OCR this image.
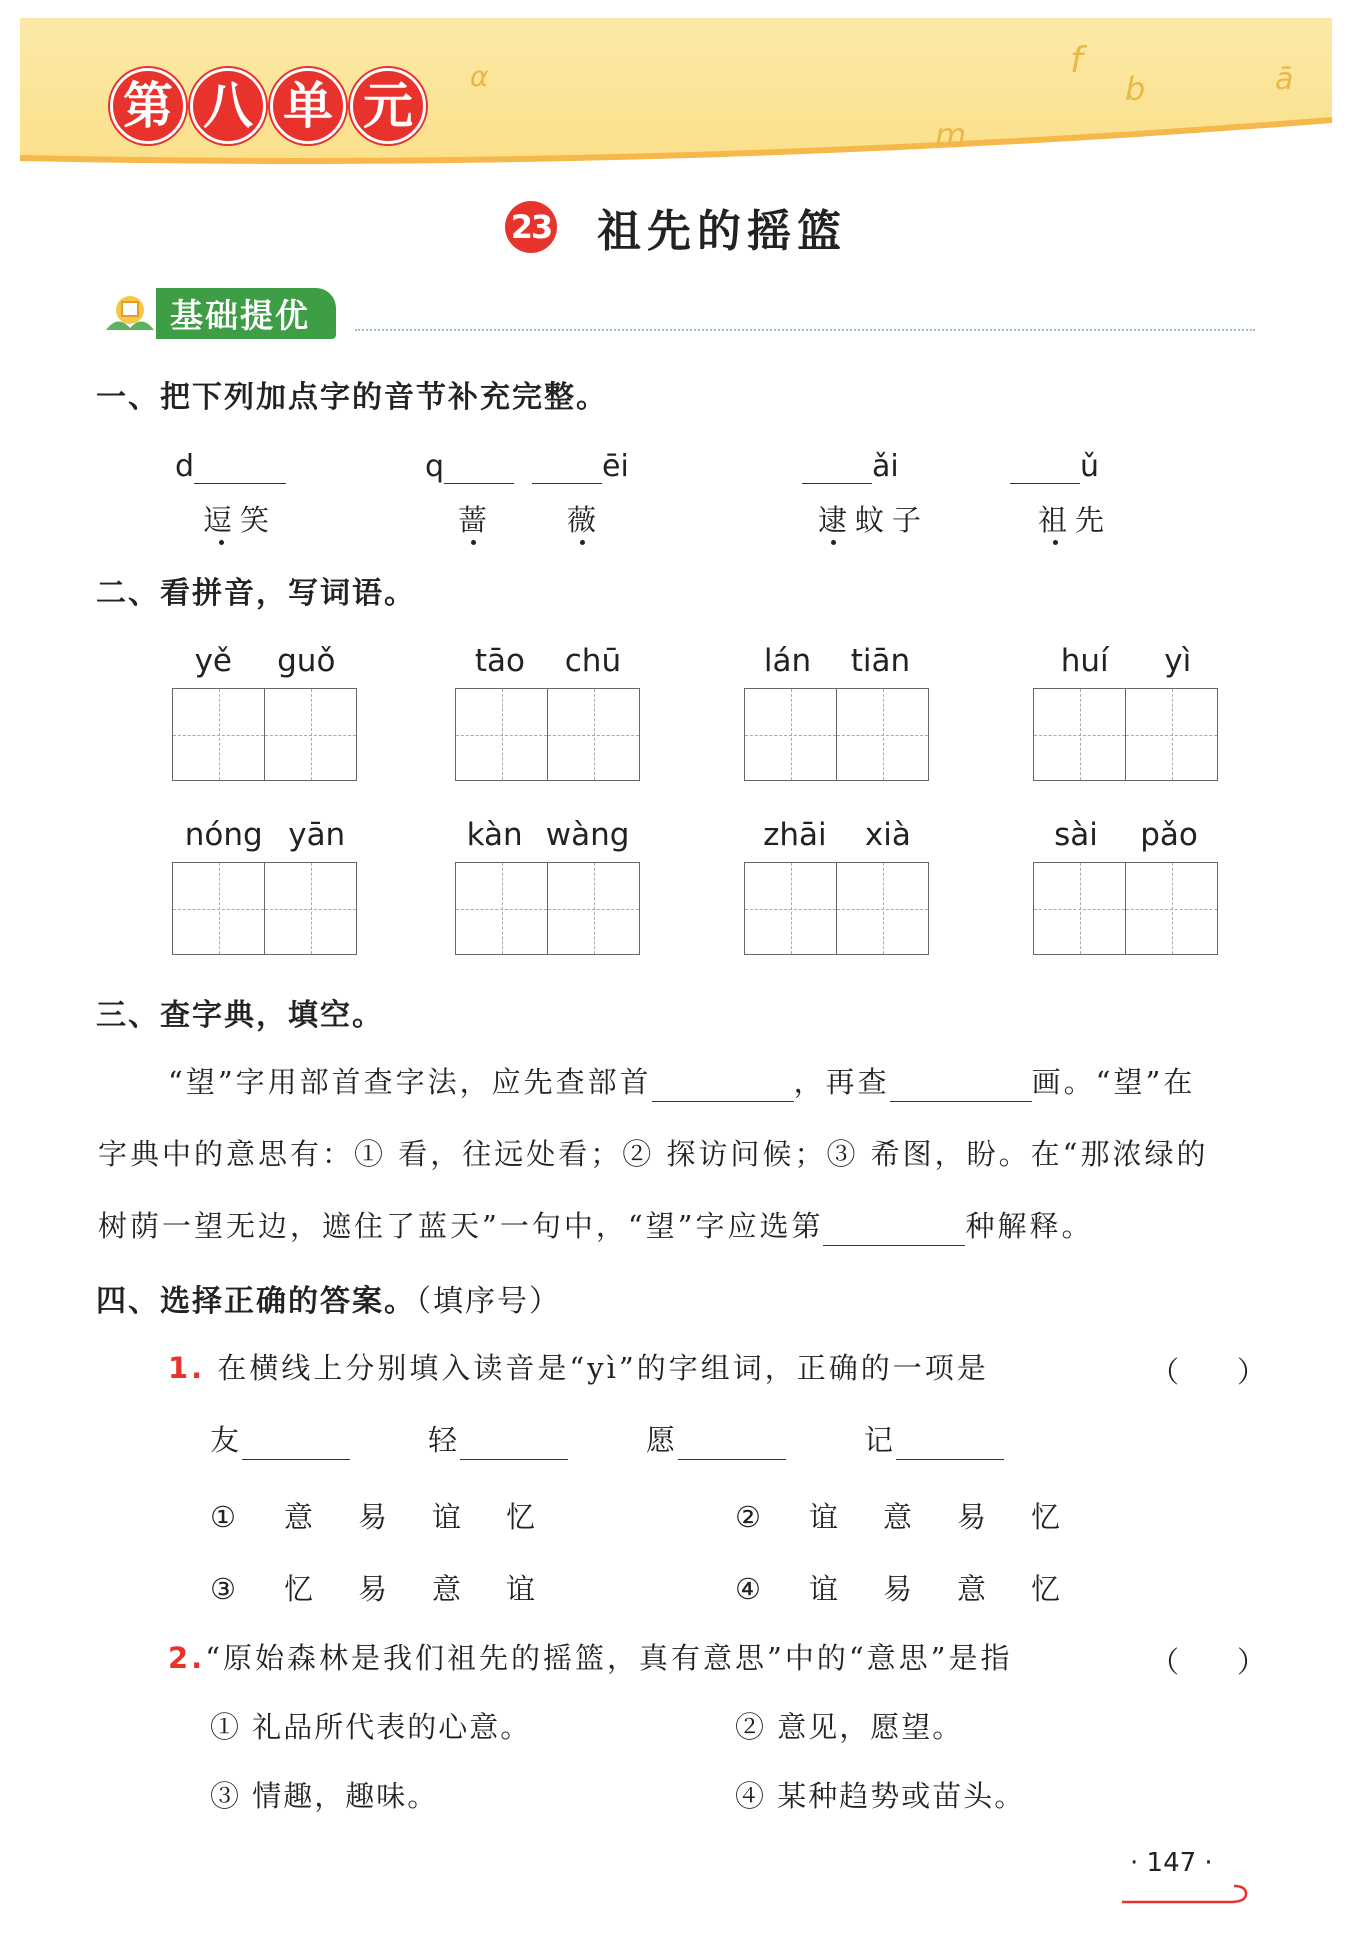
α	f
b	ā
m
第 八 单 元
23 祖先的摇篮
基础提优
一、把下列加点字的音节补充完整。
d
逗笑
q	ēi
蔷 薇
ǎi
逮蚊子
ǔ
祖先
二、看拼音，写词语。
yě guǒ	tāo chū	lán tiān	huí yì
nóng yān	kàn wàng	zhāi xià	sài pǎo
三、查字典，填空。
“望”字用部首查字法，应先查部首	，再查	画。“望”在
字典中的意思有：① 看，往远处看；② 探访问候；③ 希图，盼。在“那浓绿的
树荫一望无边，遮住了蓝天”一句中，“望”字应选第	种解释。
四、选择正确的答案。（填序号）
1. 在横线上分别填入读音是“yì”的字组词，正确的一项是	（　　）
友	轻	愿	记
① 意 易 谊 忆	② 谊 意 易 忆
③ 忆 易 意 谊	④ 谊 易 意 忆
2.“原始森林是我们祖先的摇篮，真有意思”中的“意思”是指	（　　）
① 礼品所代表的心意。	② 意见，愿望。
③ 情趣，趣味。	④ 某种趋势或苗头。
· 147 ·
